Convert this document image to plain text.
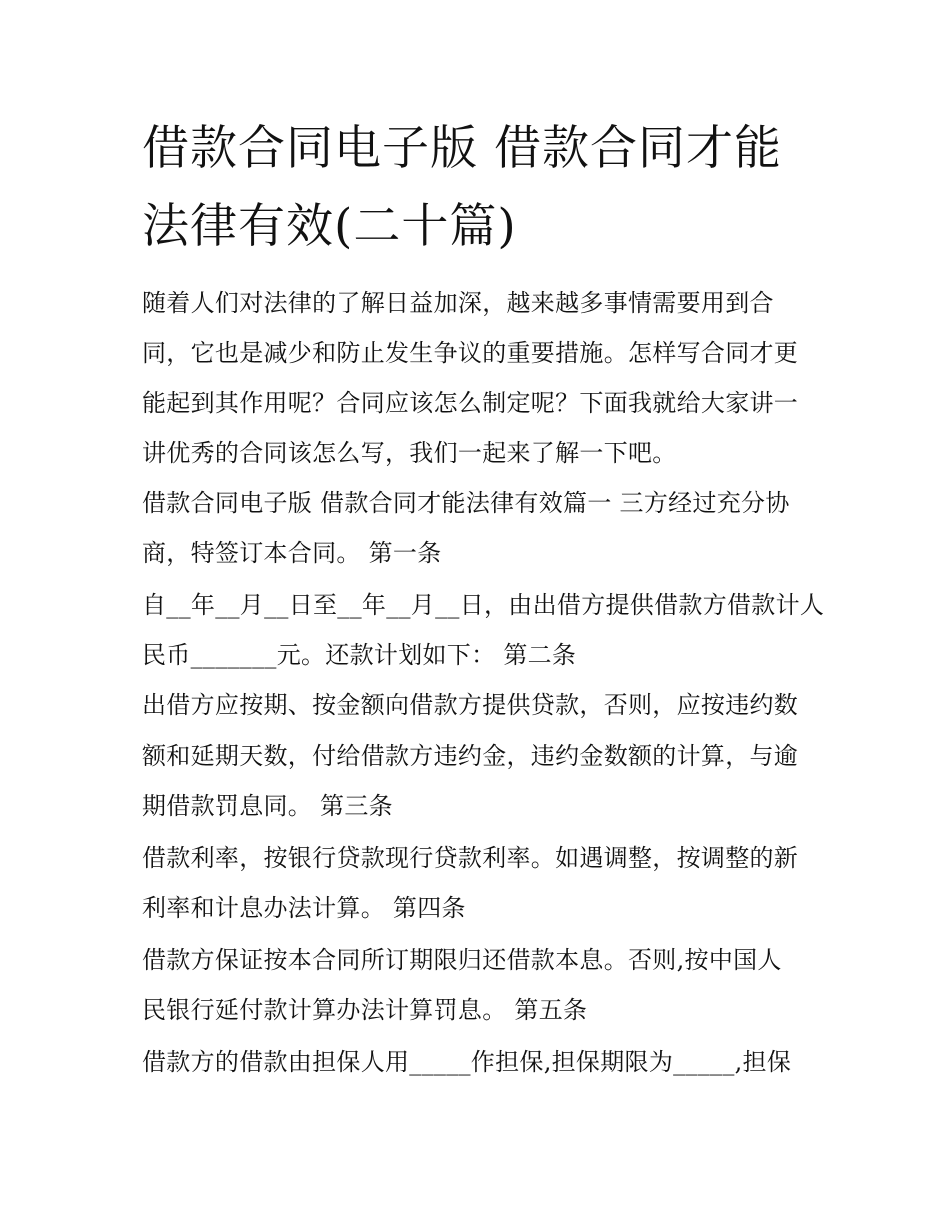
借款合同电子版 借款合同才能
法律有效(二十篇)

随着人们对法律的了解日益加深，越来越多事情需要用到合

同，它也是减少和防止发生争议的重要措施。怎样写合同才更

能起到其作用呢？合同应该怎么制定呢？下面我就给大家讲一

讲优秀的合同该怎么写，我们一起来了解一下吧。

借款合同电子版 借款合同才能法律有效篇一 三方经过充分协

商，特签订本合同。 第一条

自__年__月__日至__年__月__日，由出借方提供借款方借款计人

民币_______元。还款计划如下： 第二条

出借方应按期、按金额向借款方提供贷款，否则，应按违约数

额和延期天数，付给借款方违约金，违约金数额的计算，与逾

期借款罚息同。 第三条

借款利率，按银行贷款现行贷款利率。如遇调整，按调整的新

利率和计息办法计算。 第四条

借款方保证按本合同所订期限归还借款本息。否则,按中国人

民银行延付款计算办法计算罚息。 第五条

借款方的借款由担保人用_____作担保,担保期限为_____,担保
